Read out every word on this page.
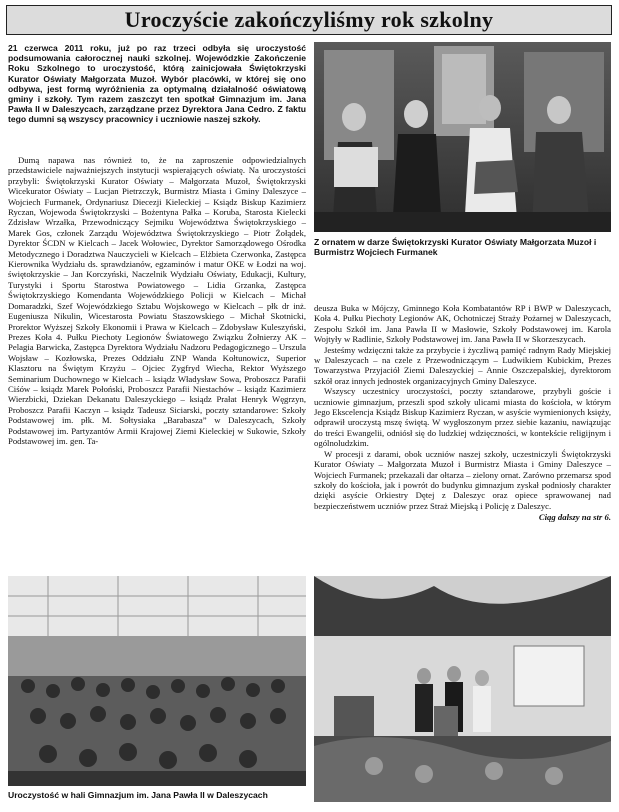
Uroczyście zakończyliśmy rok szkolny
21 czerwca 2011 roku, już po raz trzeci odbyła się uroczystość podsumowania całorocznej nauki szkolnej. Wojewódzkie Zakończenie Roku Szkolnego to uroczystość, którą zainicjowała Świętokrzyski Kurator Oświaty Małgorzata Muzoł. Wybór placówki, w której się ono odbywa, jest formą wyróżnienia za optymalną działalność oświatową gminy i szkoły. Tym razem zaszczyt ten spotkał Gimnazjum im. Jana Pawła II w Daleszycach, zarządzane przez Dyrektora Jana Cedro. Z faktu tego dumni są wszyscy pracownicy i uczniowie naszej szkoły.

Dumą napawa nas również to, że na zaproszenie odpowiedzialnych przedstawiciele najważniejszych instytucji wspierających oświatę. Na uroczystości przybyli: Świętokrzyski Kurator Oświaty – Małgorzata Muzoł, Świętokrzyski Wicekurator Oświaty – Lucjan Pietrzczyk, Burmistrz Miasta i Gminy Daleszyce – Wojciech Furmanek, Ordynariusz Diecezji Kieleckiej – Ksiądz Biskup Kazimierz Ryczan, Wojewoda Świętokrzyski – Bożentyna Pałka – Koruba, Starosta Kielecki Zdzisław Wrzałka, Przewodniczący Sejmiku Województwa Świętokrzyskiego – Marek Gos, członek Zarządu Województwa Świętokrzyskiego – Piotr Żołądek, Dyrektor ŚCDN w Kielcach – Jacek Wołowiec, Dyrektor Samorządowego Ośrodka Metodycznego i Doradztwa Nauczycieli w Kielcach – Elżbieta Czerwonka, Zastępca Kierownika Wydziału ds. sprawdzianów, egzaminów i matur OKE w Łodzi na woj. świętokrzyskie – Jan Korczyński, Naczelnik Wydziału Oświaty, Edukacji, Kultury, Turystyki i Sportu Starostwa Powiatowego – Lidia Grzanka, Zastępca Świętokrzyskiego Komendanta Wojewódzkiego Policji w Kielcach – Michał Domaradzki, Szef Wojewódzkiego Sztabu Wojskowego w Kielcach – płk dr inż. Eugeniusza Nikulin, Wicestarosta Powiatu Staszowskiego – Michał Skotnicki, Prorektor Wyższej Szkoły Ekonomii i Prawa w Kielcach – Zdobysław Kuleszyński, Prezes Koła 4. Pułku Piechoty Legionów Światowego Związku Żołnierzy AK – Pelagia Barwicka, Zastępca Dyrektora Wydziału Nadzoru Pedagogicznego – Urszula Wojsław – Kozłowska, Prezes Oddziału ZNP Wanda Kołtunowicz, Superior Klasztoru na Świętym Krzyżu – Ojciec Zygfryd Wiecha, Rektor Wyższego Seminarium Duchownego w Kielcach – ksiądz Władysław Sowa, Proboszcz Parafii Ciśów – ksiądz Marek Połoński, Proboszcz Parafii Niestachów – ksiądz Kazimierz Wierzbicki, Dziekan Dekanatu Daleszyckiego – ksiądz Prałat Henryk Węgrzyn, Proboszcz Parafii Kaczyn – ksiądz Tadeusz Siciarski, poczty sztandarowe: Szkoły Podstawowej im. płk. M. Sołtysiaka „Barabasza” w Daleszycach, Szkoły Podstawowej im. Partyzantów Armii Krajowej Ziemi Kieleckiej w Sukowie, Szkoły Podstawowej im. gen. Ta-

Z ornatem w darze Świętokrzyski Kurator Oświaty Małgorzata Muzoł i Burmistrz Wojciech Furmanek

deusza Buka w Mójczy, Gminnego Koła Kombatantów RP i BWP w Daleszycach, Koła 4. Pułku Piechoty Legionów AK, Ochotniczej Straży Pożarnej w Daleszycach, Zespołu Szkół im. Jana Pawła II w Masłowie, Szkoły Podstawowej im. Karola Wojtyły w Radlinie, Szkoły Podstawowej im. Jana Pawła II w Skorzeszycach.

Jesteśmy wdzięczni także za przybycie i życzliwą pamięć radnym Rady Miejskiej w Daleszycach – na czele z Przewodniczącym – Ludwikiem Kubickim, Prezes Towarzystwa Przyjaciół Ziemi Daleszyckiej – Annie Oszczepalskiej, dyrektorom szkół oraz innych jednostek organizacyjnych Gminy Daleszyce.

Wszyscy uczestnicy uroczystości, poczty sztandarowe, przybyli goście i uczniowie gimnazjum, przeszli spod szkoły ulicami miasta do kościoła, w którym Jego Ekscelencja Ksiądz Biskup Kazimierz Ryczan, w asyście wymienionych księży, odprawił uroczystą mszę świętą. W wygłoszonym przez siebie kazaniu, nawiązując do treści Ewangelii, odniósł się do ludzkiej wdzięczności, w kontekście religijnym i ogólnoludzkim.

W procesji z darami, obok uczniów naszej szkoły, uczestniczyli Świętokrzyski Kurator Oświaty – Małgorzata Muzoł i Burmistrz Miasta i Gminy Daleszyce – Wojciech Furmanek; przekazali dar ołtarza – zielony ornat. Zarówno przemarsz spod szkoły do kościoła, jak i powrót do budynku gimnazjum zyskał podniosły charakter dzięki asyście Orkiestry Dętej z Daleszyc oraz opiece sprawowanej nad bezpieczeństwem uczniów przez Straż Miejską i Policję z Daleszyc.

Ciąg dalszy na str 6.
Uroczystość w hali Gimnazjum im. Jana Pawła II w Daleszycach
